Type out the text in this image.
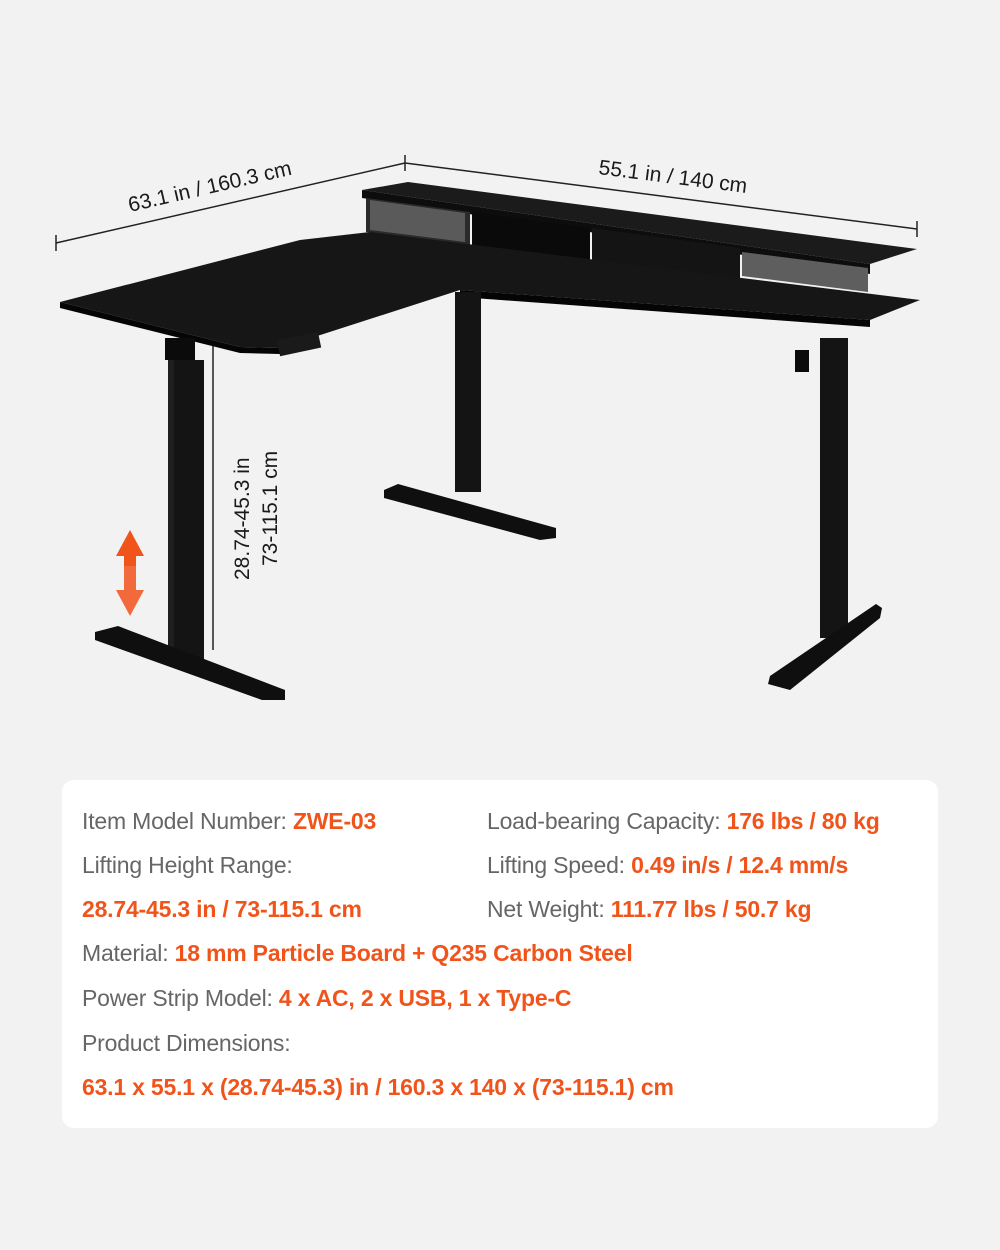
63.1 in / 160.3 cm	55.1 in / 140 cm
28.74-45.3 in 73-115.1 cm
Item Model Number: ZWE-03	Load-bearing Capacity: 176 lbs / 80 kg
Lifting Height Range:	Lifting Speed: 0.49 in/s / 12.4 mm/s
28.74-45.3 in / 73-115.1 cm	Net Weight: 111.77 lbs / 50.7 kg
Material: 18 mm Particle Board + Q235 Carbon Steel
Power Strip Model: 4 x AC, 2 x USB, 1 x Type-C
Product Dimensions:
63.1 x 55.1 x (28.74-45.3) in / 160.3 x 140 x (73-115.1) cm
